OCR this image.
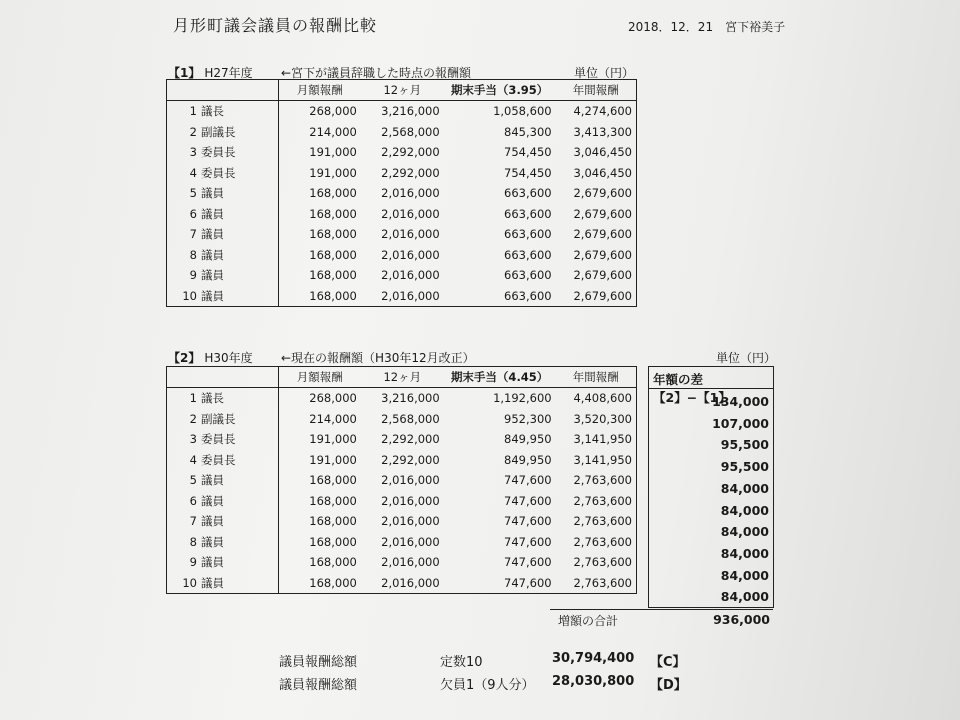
月形町議会議員の報酬比較	2018．12．21　宮下裕美子
【1】 H27年度 ←宮下が議員辞職した時点の報酬額	単位（円）
	月額報酬	12ヶ月	期末手当（3.95）	年間報酬
1 議長	268,000	3,216,000	1,058,600	4,274,600
2 副議長	214,000	2,568,000	845,300	3,413,300
3 委員長	191,000	2,292,000	754,450	3,046,450
4 委員長	191,000	2,292,000	754,450	3,046,450
5 議員	168,000	2,016,000	663,600	2,679,600
6 議員	168,000	2,016,000	663,600	2,679,600
7 議員	168,000	2,016,000	663,600	2,679,600
8 議員	168,000	2,016,000	663,600	2,679,600
9 議員	168,000	2,016,000	663,600	2,679,600
10 議員	168,000	2,016,000	663,600	2,679,600
【2】 H30年度 ←現在の報酬額（H30年12月改正）	単位（円）
	月額報酬	12ヶ月	期末手当（4.45）	年間報酬
1 議長	268,000	3,216,000	1,192,600	4,408,600
2 副議長	214,000	2,568,000	952,300	3,520,300
3 委員長	191,000	2,292,000	849,950	3,141,950
4 委員長	191,000	2,292,000	849,950	3,141,950
5 議員	168,000	2,016,000	747,600	2,763,600
6 議員	168,000	2,016,000	747,600	2,763,600
7 議員	168,000	2,016,000	747,600	2,763,600
8 議員	168,000	2,016,000	747,600	2,763,600
9 議員	168,000	2,016,000	747,600	2,763,600
10 議員	168,000	2,016,000	747,600	2,763,600
年額の差【2】−【1】
134,000
107,000
95,500
95,500
84,000
84,000
84,000
84,000
84,000
84,000
増額の合計	936,000
議員報酬総額	定数10	30,794,400 【C】
議員報酬総額	欠員1（9人分） 28,030,800 【D】
